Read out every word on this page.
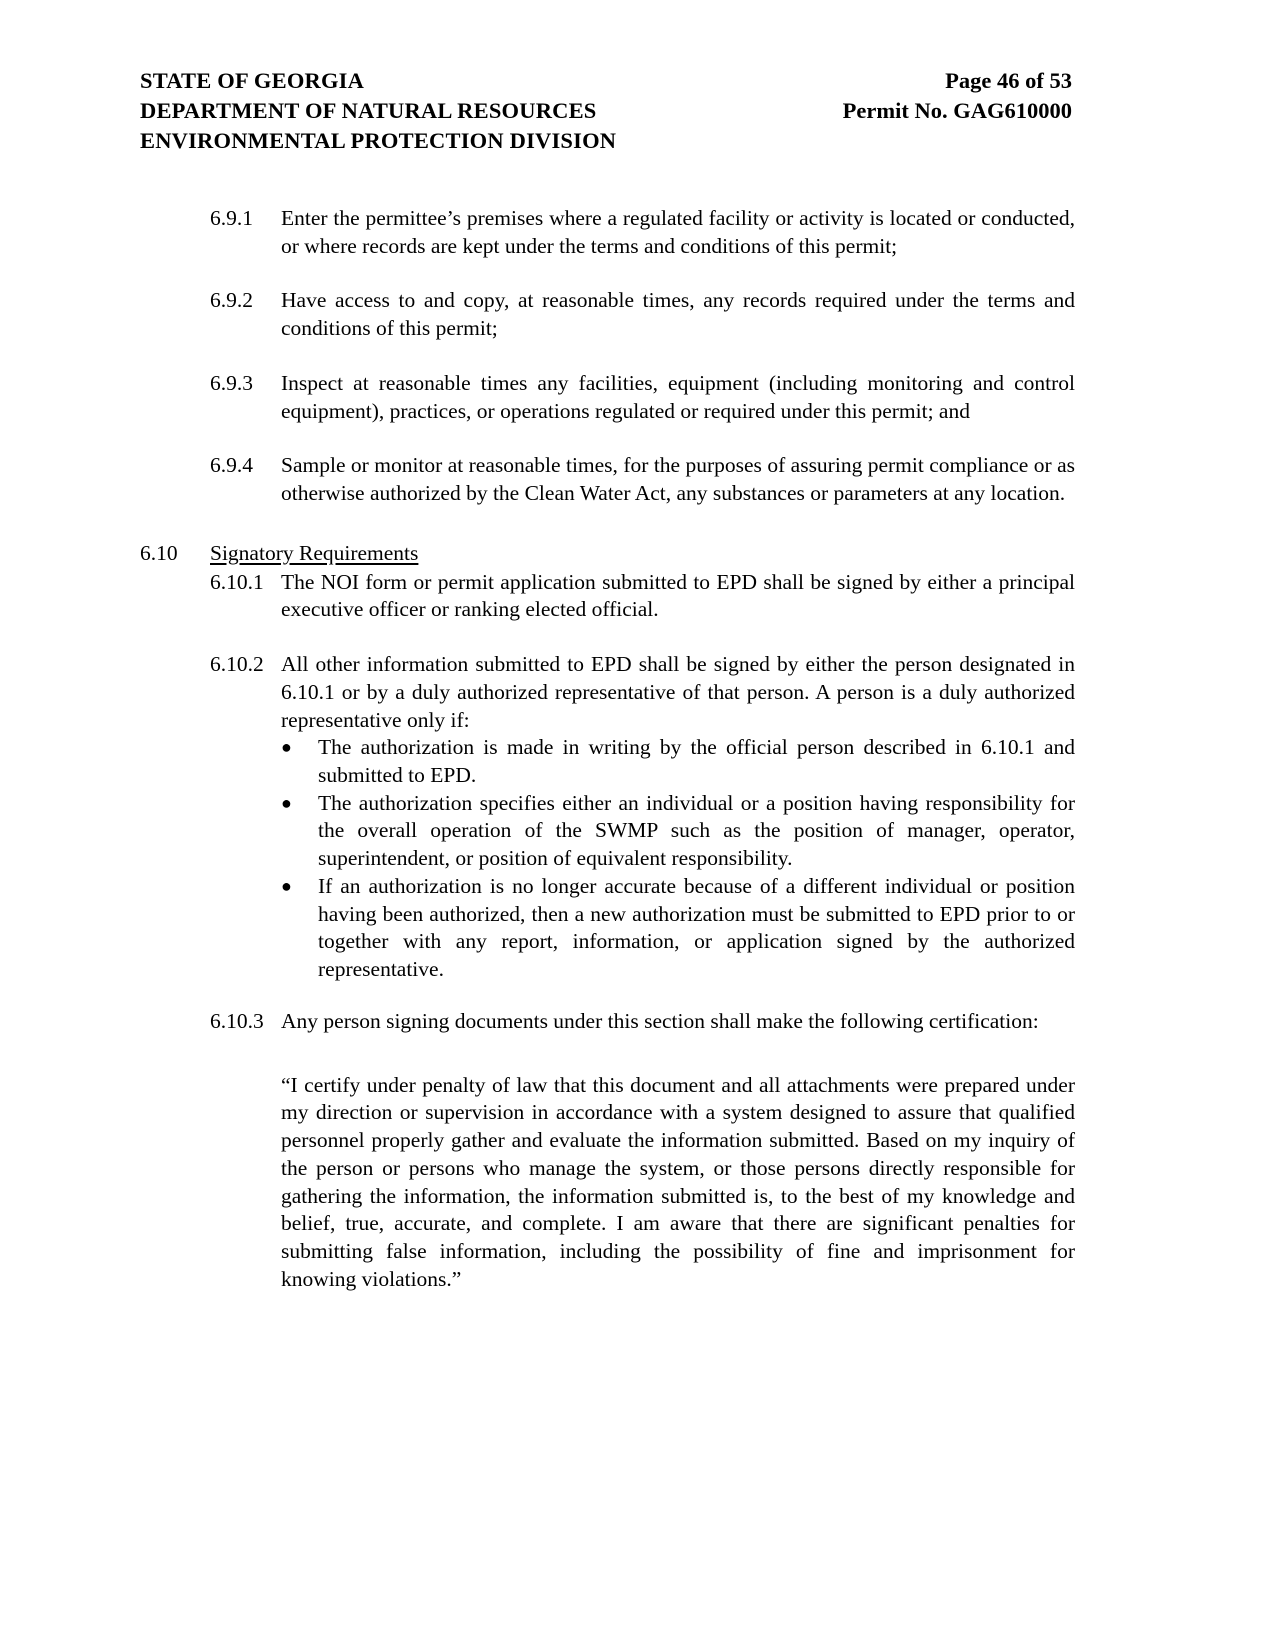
STATE OF GEORGIA
DEPARTMENT OF NATURAL RESOURCES
ENVIRONMENTAL PROTECTION DIVISION
Page 46 of 53
Permit No. GAG610000
6.9.1	Enter the permittee’s premises where a regulated facility or activity is located or conducted, or where records are kept under the terms and conditions of this permit;
6.9.2	Have access to and copy, at reasonable times, any records required under the terms and conditions of this permit;
6.9.3	Inspect at reasonable times any facilities, equipment (including monitoring and control equipment), practices, or operations regulated or required under this permit; and
6.9.4	Sample or monitor at reasonable times, for the purposes of assuring permit compliance or as otherwise authorized by the Clean Water Act, any substances or parameters at any location.
6.10	Signatory Requirements
6.10.1 The NOI form or permit application submitted to EPD shall be signed by either a principal executive officer or ranking elected official.
6.10.2 All other information submitted to EPD shall be signed by either the person designated in 6.10.1 or by a duly authorized representative of that person. A person is a duly authorized representative only if:

●	The authorization is made in writing by the official person described in 6.10.1 and submitted to EPD.
●	The authorization specifies either an individual or a position having responsibility for the overall operation of the SWMP such as the position of manager, operator, superintendent, or position of equivalent responsibility.
●	If an authorization is no longer accurate because of a different individual or position having been authorized, then a new authorization must be submitted to EPD prior to or together with any report, information, or application signed by the authorized representative.
6.10.3 Any person signing documents under this section shall make the following certification:

“I certify under penalty of law that this document and all attachments were prepared under my direction or supervision in accordance with a system designed to assure that qualified personnel properly gather and evaluate the information submitted. Based on my inquiry of the person or persons who manage the system, or those persons directly responsible for gathering the information, the information submitted is, to the best of my knowledge and belief, true, accurate, and complete. I am aware that there are significant penalties for submitting false information, including the possibility of fine and imprisonment for knowing violations.”
